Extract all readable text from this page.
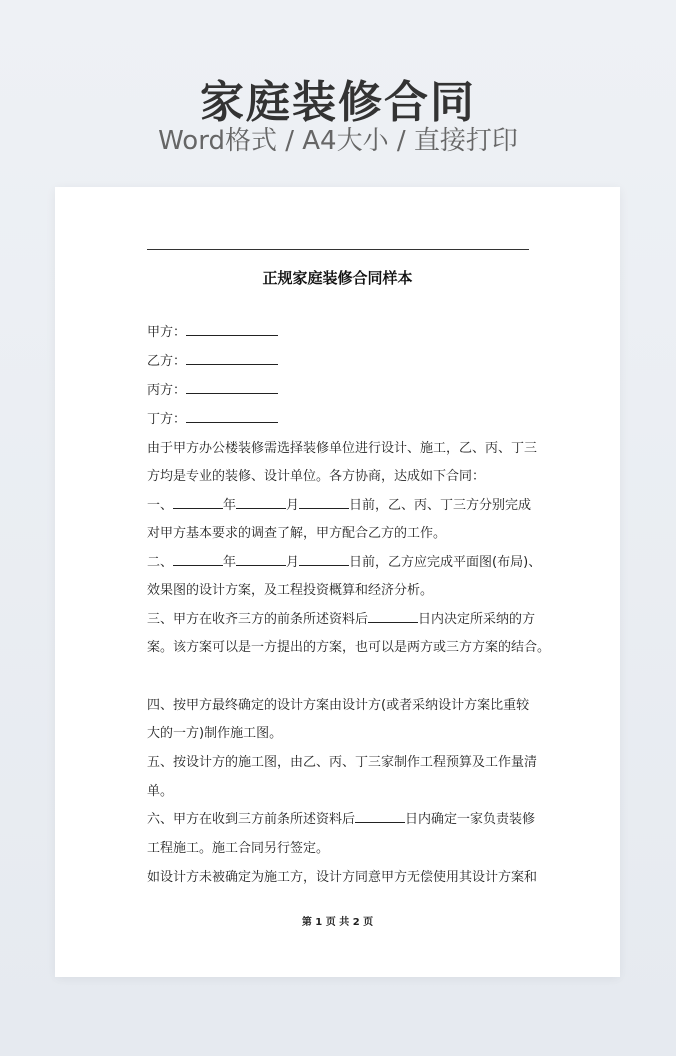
家庭装修合同
Word格式 / A4大小 / 直接打印
正规家庭装修合同样本
甲方：
乙方：
丙方：
丁方：
由于甲方办公楼装修需选择装修单位进行设计、施工，乙、丙、丁三
方均是专业的装修、设计单位。各方协商，达成如下合同：
一、	年	月	日前，乙、丙、丁三方分别完成
对甲方基本要求的调查了解，甲方配合乙方的工作。
二、	年	月	日前，乙方应完成平面图(布局)、
效果图的设计方案，及工程投资概算和经济分析。
三、甲方在收齐三方的前条所述资料后	日内决定所采纳的方
案。该方案可以是一方提出的方案，也可以是两方或三方方案的结合。
四、按甲方最终确定的设计方案由设计方(或者采纳设计方案比重较
大的一方)制作施工图。
五、按设计方的施工图，由乙、丙、丁三家制作工程预算及工作量清
单。
六、甲方在收到三方前条所述资料后	日内确定一家负责装修
工程施工。施工合同另行签定。
如设计方未被确定为施工方，设计方同意甲方无偿使用其设计方案和
第 1 页 共 2 页
